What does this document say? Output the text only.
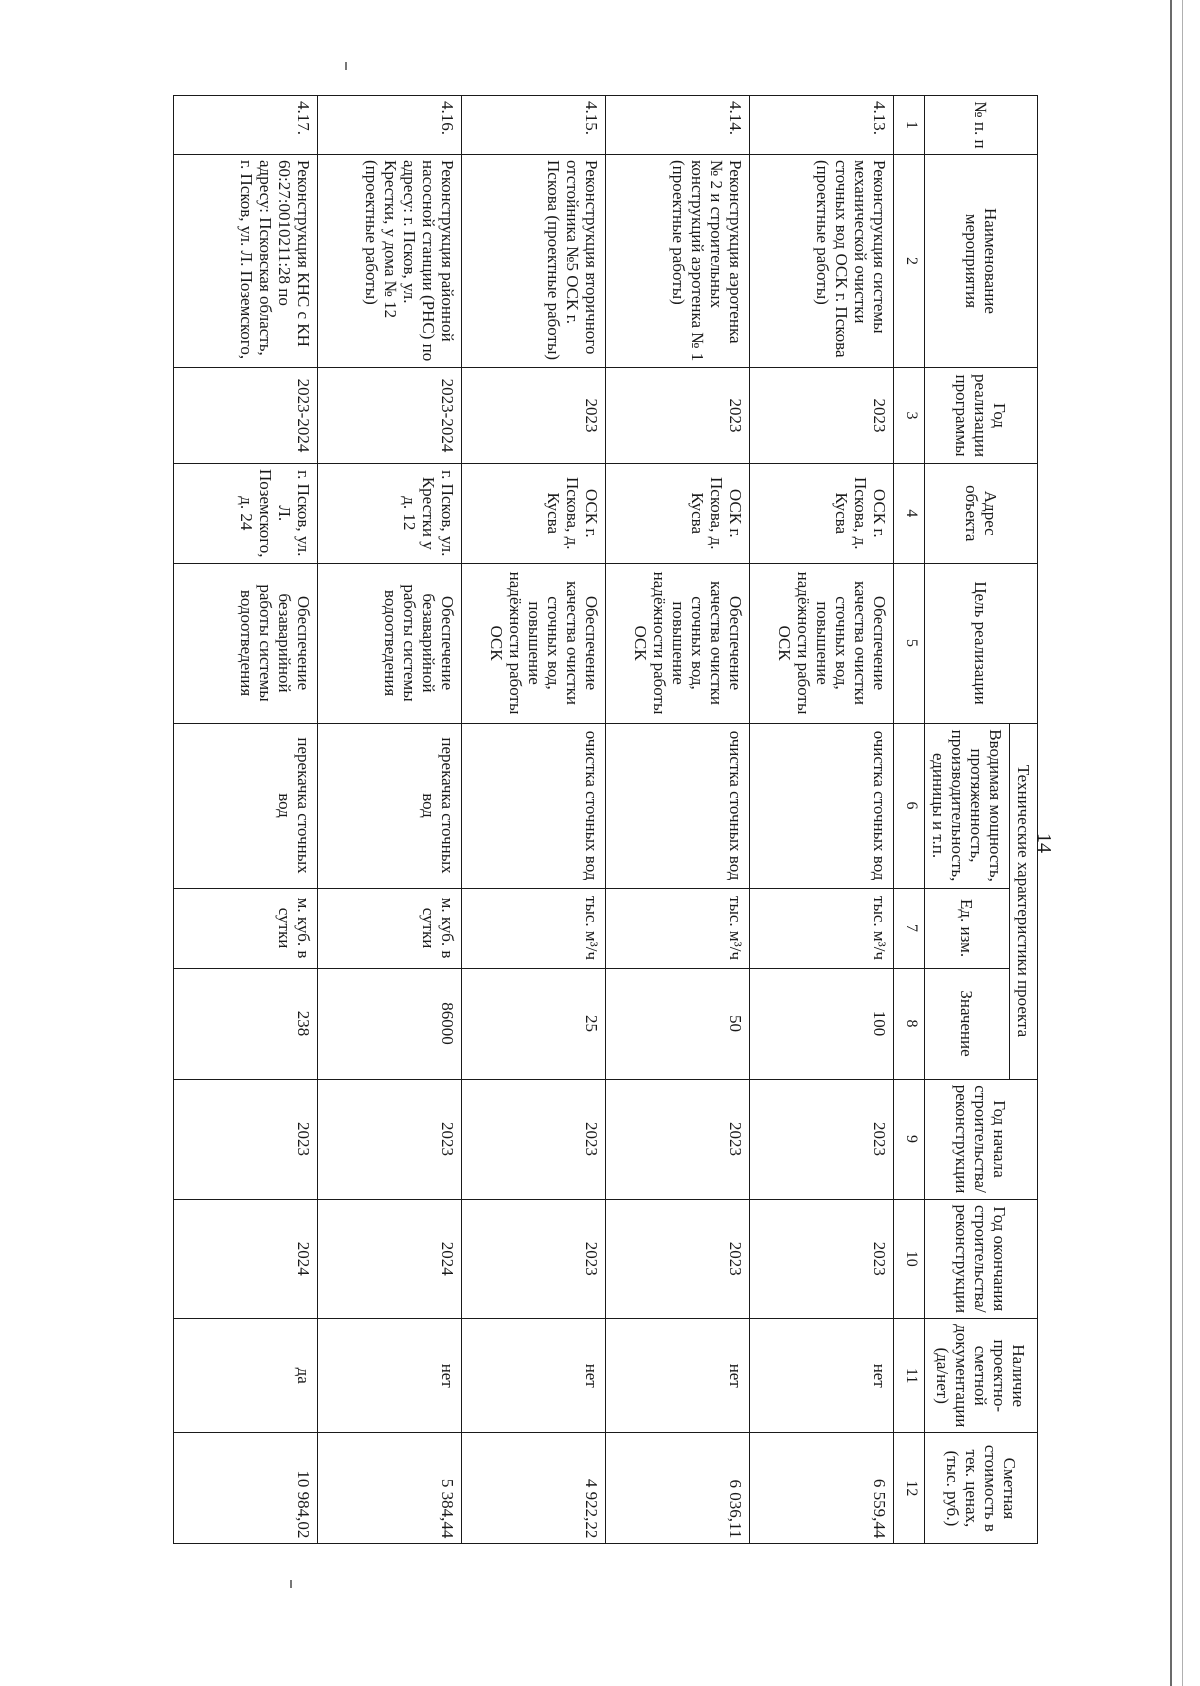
14
№ п. п	Наименование мероприятия	Год реализации программы	Адрес объекта	Цель реализации	Технические характеристики проекта			Год начала строительства/реконструкции	Год окончания строительства/реконструкции	Наличие проектно-сметной документации (да/нет)	Сметная стоимость в тек. ценах, (тыс. руб.)
					Вводимая мощность, протяженность, производительность, единицы и т.п.	Ед. изм.	Значение				
1	2	3	4	5	6	7	8	9	10	11	12
4.13.	Реконструкция системы механической очистки сточных вод ОСК г. Пскова (проектные работы)	2023	ОСК г. Пскова, д. Кусва	Обеспечение качества очистки сточных вод, повышение надёжности работы ОСК	очистка сточных вод	тыс. м³/ч	100	2023	2023	нет	6 559,44
4.14.	Реконструкция аэротенка № 2 и строительных конструкций аэротенка № 1 (проектные работы)	2023	ОСК г. Пскова, д. Кусва	Обеспечение качества очистки сточных вод, повышение надёжности работы ОСК	очистка сточных вод	тыс. м³/ч	50	2023	2023	нет	6 036,11
4.15.	Реконструкция вторичного отстойника №5 ОСК г. Пскова (проектные работы)	2023	ОСК г. Пскова, д. Кусва	Обеспечение качества очистки сточных вод, повышение надёжности работы ОСК	очистка сточных вод	тыс. м³/ч	25	2023	2023	нет	4 922,22
4.16.	Реконструкция районной насосной станции (РНС) по адресу: г. Псков, ул. Крестки, у дома № 12 (проектные работы)	2023-2024	г. Псков, ул. Крестки у д. 12	Обеспечение безаварийной работы системы водоотведения	перекачка сточных вод	м. куб. в сутки	86000	2023	2024	нет	5 384,44
4.17.	Реконструкция КНС с КН 60:27:0010211:28 по адресу: Псковская область, г. Псков, ул. Л. Поземского,	2023-2024	г. Псков, ул. Л. Поземского, д. 24	Обеспечение безаварийной работы системы водоотведения	перекачка сточных вод	м. куб. в сутки	238	2023	2024	да	10 984,02
